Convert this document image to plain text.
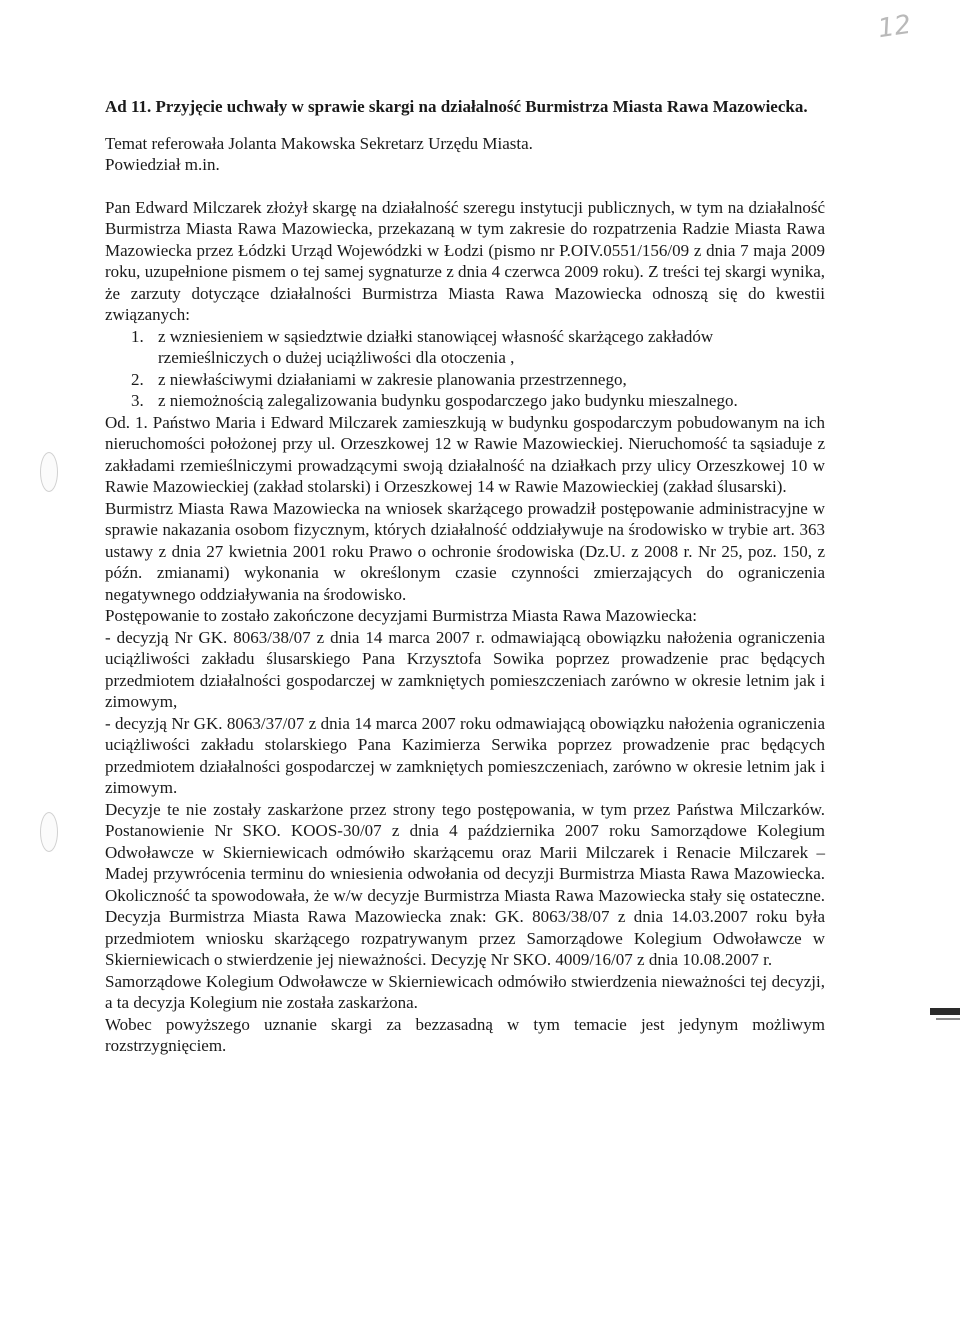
12

Ad 11. Przyjęcie uchwały w sprawie skargi na działalność Burmistrza Miasta Rawa Mazowiecka.

Temat referowała Jolanta Makowska Sekretarz Urzędu Miasta.
Powiedział m.in.

Pan Edward Milczarek złożył skargę na działalność szeregu instytucji publicznych, w tym na działalność Burmistrza Miasta Rawa Mazowiecka, przekazaną w tym zakresie do rozpatrzenia Radzie Miasta Rawa Mazowiecka przez Łódzki Urząd Wojewódzki w Łodzi (pismo nr P.OIV.0551/156/09 z dnia 7 maja 2009 roku, uzupełnione pismem o tej samej sygnaturze z dnia 4 czerwca 2009 roku). Z treści tej skargi wynika, że zarzuty dotyczące działalności Burmistrza Miasta Rawa Mazowiecka odnoszą się do kwestii związanych:

1. z wzniesieniem w sąsiedztwie działki stanowiącej własność skarżącego zakładów rzemieślniczych o dużej uciążliwości dla otoczenia ,
2. z niewłaściwymi działaniami w zakresie planowania przestrzennego,
3. z niemożnością zalegalizowania budynku gospodarczego jako budynku mieszalnego.

Od. 1. Państwo Maria i Edward Milczarek zamieszkują w budynku gospodarczym pobudowanym na ich nieruchomości położonej przy ul. Orzeszkowej 12 w Rawie Mazowieckiej. Nieruchomość ta sąsiaduje z zakładami rzemieślniczymi prowadzącymi swoją działalność na działkach przy ulicy Orzeszkowej 10 w Rawie Mazowieckiej (zakład stolarski) i Orzeszkowej 14 w Rawie Mazowieckiej (zakład ślusarski).

Burmistrz Miasta Rawa Mazowiecka na wniosek skarżącego prowadził postępowanie administracyjne w sprawie nakazania osobom fizycznym, których działalność oddziaływuje na środowisko w trybie art. 363 ustawy z dnia 27 kwietnia 2001 roku Prawo o ochronie środowiska (Dz.U. z 2008 r. Nr 25, poz. 150, z późn. zmianami) wykonania w określonym czasie czynności zmierzających do ograniczenia negatywnego oddziaływania na środowisko.

Postępowanie to zostało zakończone decyzjami Burmistrza Miasta Rawa Mazowiecka:

- decyzją Nr GK. 8063/38/07 z dnia 14 marca 2007 r. odmawiającą obowiązku nałożenia ograniczenia uciążliwości zakładu ślusarskiego Pana Krzysztofa Sowika poprzez prowadzenie prac będących przedmiotem działalności gospodarczej w zamkniętych pomieszczeniach zarówno w okresie letnim jak i zimowym,

- decyzją Nr GK. 8063/37/07 z dnia 14 marca 2007 roku odmawiającą obowiązku nałożenia ograniczenia uciążliwości zakładu stolarskiego Pana Kazimierza Serwika poprzez prowadzenie prac będących przedmiotem działalności gospodarczej w zamkniętych pomieszczeniach, zarówno w okresie letnim jak i zimowym.

Decyzje te nie zostały zaskarżone przez strony tego postępowania, w tym przez Państwa Milczarków. Postanowienie Nr SKO. KOOS-30/07 z dnia 4 października 2007 roku Samorządowe Kolegium Odwoławcze w Skierniewicach odmówiło skarżącemu oraz Marii Milczarek i Renacie Milczarek – Madej przywrócenia terminu do wniesienia odwołania od decyzji Burmistrza Miasta Rawa Mazowiecka. Okoliczność ta spowodowała, że w/w decyzje Burmistrza Miasta Rawa Mazowiecka stały się ostateczne. Decyzja Burmistrza Miasta Rawa Mazowiecka znak: GK. 8063/38/07 z dnia 14.03.2007 roku była przedmiotem wniosku skarżącego rozpatrywanym przez Samorządowe Kolegium Odwoławcze w Skierniewicach o stwierdzenie jej nieważności. Decyzję Nr SKO. 4009/16/07 z dnia 10.08.2007 r.

Samorządowe Kolegium Odwoławcze w Skierniewicach odmówiło stwierdzenia nieważności tej decyzji, a ta decyzja Kolegium nie została zaskarżona.

Wobec powyższego uznanie skargi za bezzasadną w tym temacie jest jedynym możliwym rozstrzygnięciem.
